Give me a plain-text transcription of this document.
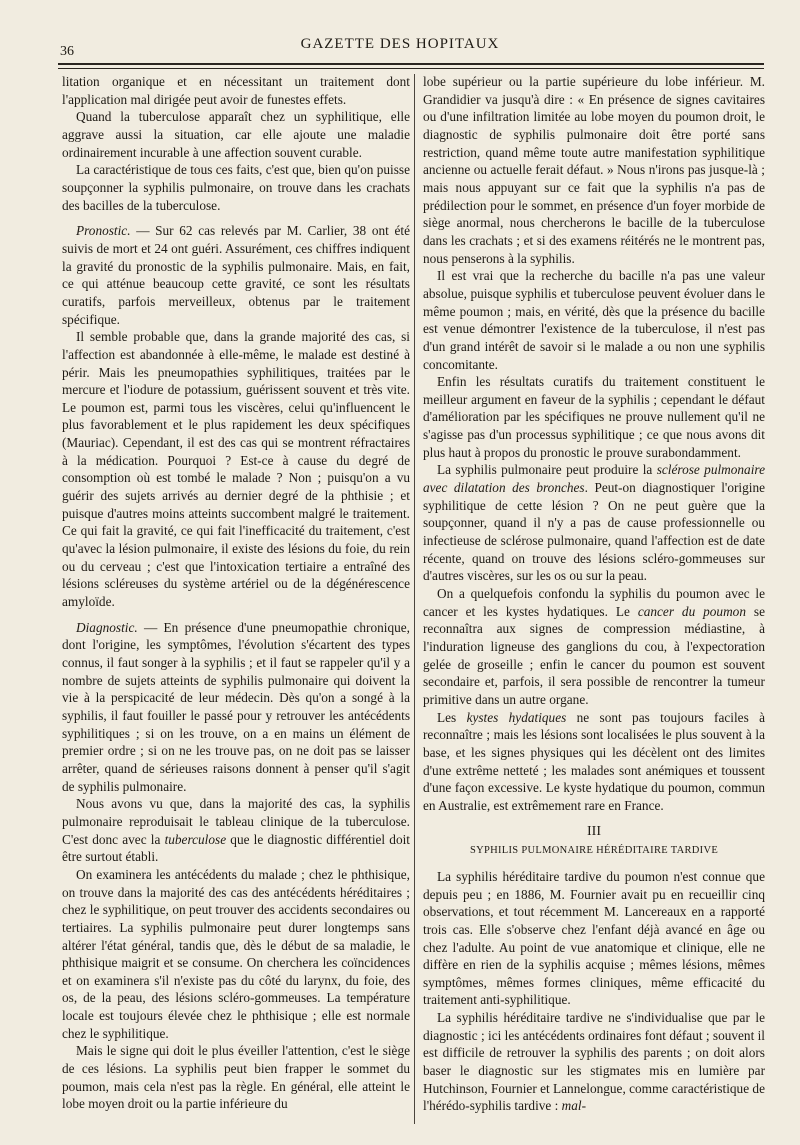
36	GAZETTE DES HOPITAUX

litation organique et en nécessitant un traitement dont l'application mal dirigée peut avoir de funestes effets.

Quand la tuberculose apparaît chez un syphilitique, elle aggrave aussi la situation, car elle ajoute une maladie ordinairement incurable à une affection souvent curable.

La caractéristique de tous ces faits, c'est que, bien qu'on puisse soupçonner la syphilis pulmonaire, on trouve dans les crachats des bacilles de la tuberculose.

Pronostic. — Sur 62 cas relevés par M. Carlier, 38 ont été suivis de mort et 24 ont guéri. Assurément, ces chiffres indiquent la gravité du pronostic de la syphilis pulmonaire. Mais, en fait, ce qui atténue beaucoup cette gravité, ce sont les résultats curatifs, parfois merveilleux, obtenus par le traitement spécifique.

Il semble probable que, dans la grande majorité des cas, si l'affection est abandonnée à elle-même, le malade est destiné à périr. Mais les pneumopathies syphilitiques, traitées par le mercure et l'iodure de potassium, guérissent souvent et très vite. Le poumon est, parmi tous les viscères, celui qu'influencent le plus favorablement et le plus rapidement les deux spécifiques (Mauriac). Cependant, il est des cas qui se montrent réfractaires à la médication. Pourquoi ? Est-ce à cause du degré de consomption où est tombé le malade ? Non ; puisqu'on a vu guérir des sujets arrivés au dernier degré de la phthisie ; et puisque d'autres moins atteints succombent malgré le traitement. Ce qui fait la gravité, ce qui fait l'inefficacité du traitement, c'est qu'avec la lésion pulmonaire, il existe des lésions du foie, du rein ou du cerveau ; c'est que l'intoxication tertiaire a entraîné des lésions scléreuses du système artériel ou de la dégénérescence amyloïde.

Diagnostic. — En présence d'une pneumopathie chronique, dont l'origine, les symptômes, l'évolution s'écartent des types connus, il faut songer à la syphilis ; et il faut se rappeler qu'il y a nombre de sujets atteints de syphilis pulmonaire qui doivent la vie à la perspicacité de leur médecin. Dès qu'on a songé à la syphilis, il faut fouiller le passé pour y retrouver les antécédents syphilitiques ; si on les trouve, on a en mains un élément de premier ordre ; si on ne les trouve pas, on ne doit pas se laisser arrêter, quand de sérieuses raisons donnent à penser qu'il s'agit de syphilis pulmonaire.

Nous avons vu que, dans la majorité des cas, la syphilis pulmonaire reproduisait le tableau clinique de la tuberculose. C'est donc avec la tuberculose que le diagnostic différentiel doit être surtout établi.

On examinera les antécédents du malade ; chez le phthisique, on trouve dans la majorité des cas des antécédents héréditaires ; chez le syphilitique, on peut trouver des accidents secondaires ou tertiaires. La syphilis pulmonaire peut durer longtemps sans altérer l'état général, tandis que, dès le début de sa maladie, le phthisique maigrit et se consume. On cherchera les coïncidences et on examinera s'il n'existe pas du côté du larynx, du foie, des os, de la peau, des lésions scléro-gommeuses. La température locale est toujours élevée chez le phthisique ; elle est normale chez le syphilitique.

Mais le signe qui doit le plus éveiller l'attention, c'est le siège de ces lésions. La syphilis peut bien frapper le sommet du poumon, mais cela n'est pas la règle. En général, elle atteint le lobe moyen droit ou la partie inférieure du

lobe supérieur ou la partie supérieure du lobe inférieur. M. Grandidier va jusqu'à dire : « En présence de signes cavitaires ou d'une infiltration limitée au lobe moyen du poumon droit, le diagnostic de syphilis pulmonaire doit être porté sans restriction, quand même toute autre manifestation syphilitique ancienne ou actuelle ferait défaut. » Nous n'irons pas jusque-là ; mais nous appuyant sur ce fait que la syphilis n'a pas de prédilection pour le sommet, en présence d'un foyer morbide de siège anormal, nous chercherons le bacille de la tuberculose dans les crachats ; et si des examens réitérés ne le montrent pas, nous penserons à la syphilis.

Il est vrai que la recherche du bacille n'a pas une valeur absolue, puisque syphilis et tuberculose peuvent évoluer dans le même poumon ; mais, en vérité, dès que la présence du bacille est venue démontrer l'existence de la tuberculose, il n'est pas d'un grand intérêt de savoir si le malade a ou non une syphilis concomitante.

Enfin les résultats curatifs du traitement constituent le meilleur argument en faveur de la syphilis ; cependant le défaut d'amélioration par les spécifiques ne prouve nullement qu'il ne s'agisse pas d'un processus syphilitique ; ce que nous avons dit plus haut à propos du pronostic le prouve surabondamment.

La syphilis pulmonaire peut produire la sclérose pulmonaire avec dilatation des bronches. Peut-on diagnostiquer l'origine syphilitique de cette lésion ? On ne peut guère que la soupçonner, quand il n'y a pas de cause professionnelle ou infectieuse de sclérose pulmonaire, quand l'affection est de date récente, quand on trouve des lésions scléro-gommeuses sur d'autres viscères, sur les os ou sur la peau.

On a quelquefois confondu la syphilis du poumon avec le cancer et les kystes hydatiques. Le cancer du poumon se reconnaîtra aux signes de compression médiastine, à l'induration ligneuse des ganglions du cou, à l'expectoration gelée de groseille ; enfin le cancer du poumon est souvent secondaire et, parfois, il sera possible de rencontrer la tumeur primitive dans un autre organe.

Les kystes hydatiques ne sont pas toujours faciles à reconnaître ; mais les lésions sont localisées le plus souvent à la base, et les signes physiques qui les décèlent ont des limites d'une extrême netteté ; les malades sont anémiques et toussent d'une façon excessive. Le kyste hydatique du poumon, commun en Australie, est extrêmement rare en France.

III
SYPHILIS PULMONAIRE HÉRÉDITAIRE TARDIVE

La syphilis héréditaire tardive du poumon n'est connue que depuis peu ; en 1886, M. Fournier avait pu en recueillir cinq observations, et tout récemment M. Lancereaux en a rapporté trois cas. Elle s'observe chez l'enfant déjà avancé en âge ou chez l'adulte. Au point de vue anatomique et clinique, elle ne diffère en rien de la syphilis acquise ; mêmes lésions, mêmes symptômes, mêmes formes cliniques, même efficacité du traitement anti-syphilitique.

La syphilis héréditaire tardive ne s'individualise que par le diagnostic ; ici les antécédents ordinaires font défaut ; souvent il est difficile de retrouver la syphilis des parents ; on doit alors baser le diagnostic sur les stigmates mis en lumière par Hutchinson, Fournier et Lannelongue, comme caractéristique de l'hérédo-syphilis tardive : mal-
